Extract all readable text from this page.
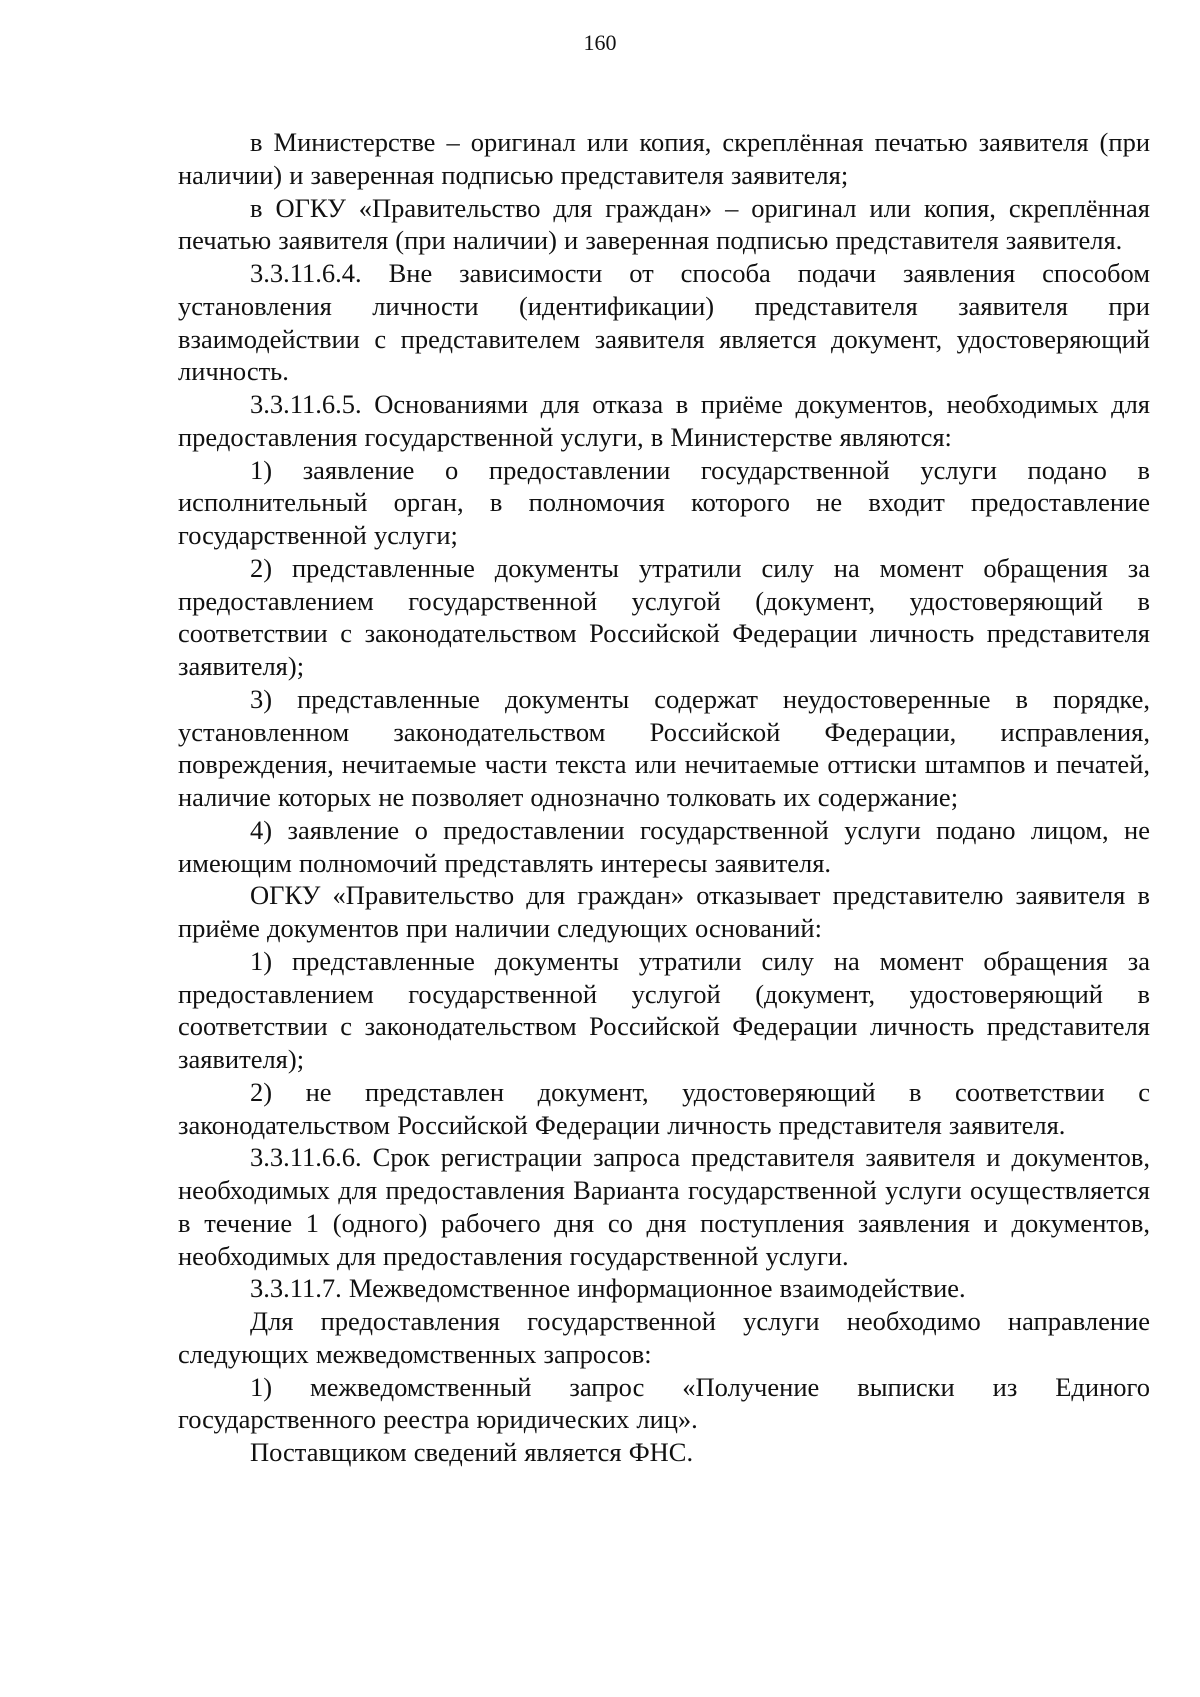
160

в Министерстве – оригинал или копия, скреплённая печатью заявителя (при наличии) и заверенная подписью представителя заявителя;

в ОГКУ «Правительство для граждан» – оригинал или копия, скреплённая печатью заявителя (при наличии) и заверенная подписью представителя заявителя.

3.3.11.6.4. Вне зависимости от способа подачи заявления способом установления личности (идентификации) представителя заявителя при взаимодействии с представителем заявителя является документ, удостоверяющий личность.

3.3.11.6.5. Основаниями для отказа в приёме документов, необходимых для предоставления государственной услуги, в Министерстве являются:

1) заявление о предоставлении государственной услуги подано в исполнительный орган, в полномочия которого не входит предоставление государственной услуги;

2) представленные документы утратили силу на момент обращения за предоставлением государственной услугой (документ, удостоверяющий в соответствии с законодательством Российской Федерации личность представителя заявителя);

3) представленные документы содержат неудостоверенные в порядке, установленном законодательством Российской Федерации, исправления, повреждения, нечитаемые части текста или нечитаемые оттиски штампов и печатей, наличие которых не позволяет однозначно толковать их содержание;

4) заявление о предоставлении государственной услуги подано лицом, не имеющим полномочий представлять интересы заявителя.

ОГКУ «Правительство для граждан» отказывает представителю заявителя в приёме документов при наличии следующих оснований:

1) представленные документы утратили силу на момент обращения за предоставлением государственной услугой (документ, удостоверяющий в соответствии с законодательством Российской Федерации личность представителя заявителя);

2) не представлен документ, удостоверяющий в соответствии с законодательством Российской Федерации личность представителя заявителя.

3.3.11.6.6. Срок регистрации запроса представителя заявителя и документов, необходимых для предоставления Варианта государственной услуги осуществляется в течение 1 (одного) рабочего дня со дня поступления заявления и документов, необходимых для предоставления государственной услуги.

3.3.11.7. Межведомственное информационное взаимодействие.

Для предоставления государственной услуги необходимо направление следующих межведомственных запросов:

1) межведомственный запрос «Получение выписки из Единого государственного реестра юридических лиц».

Поставщиком сведений является ФНС.
